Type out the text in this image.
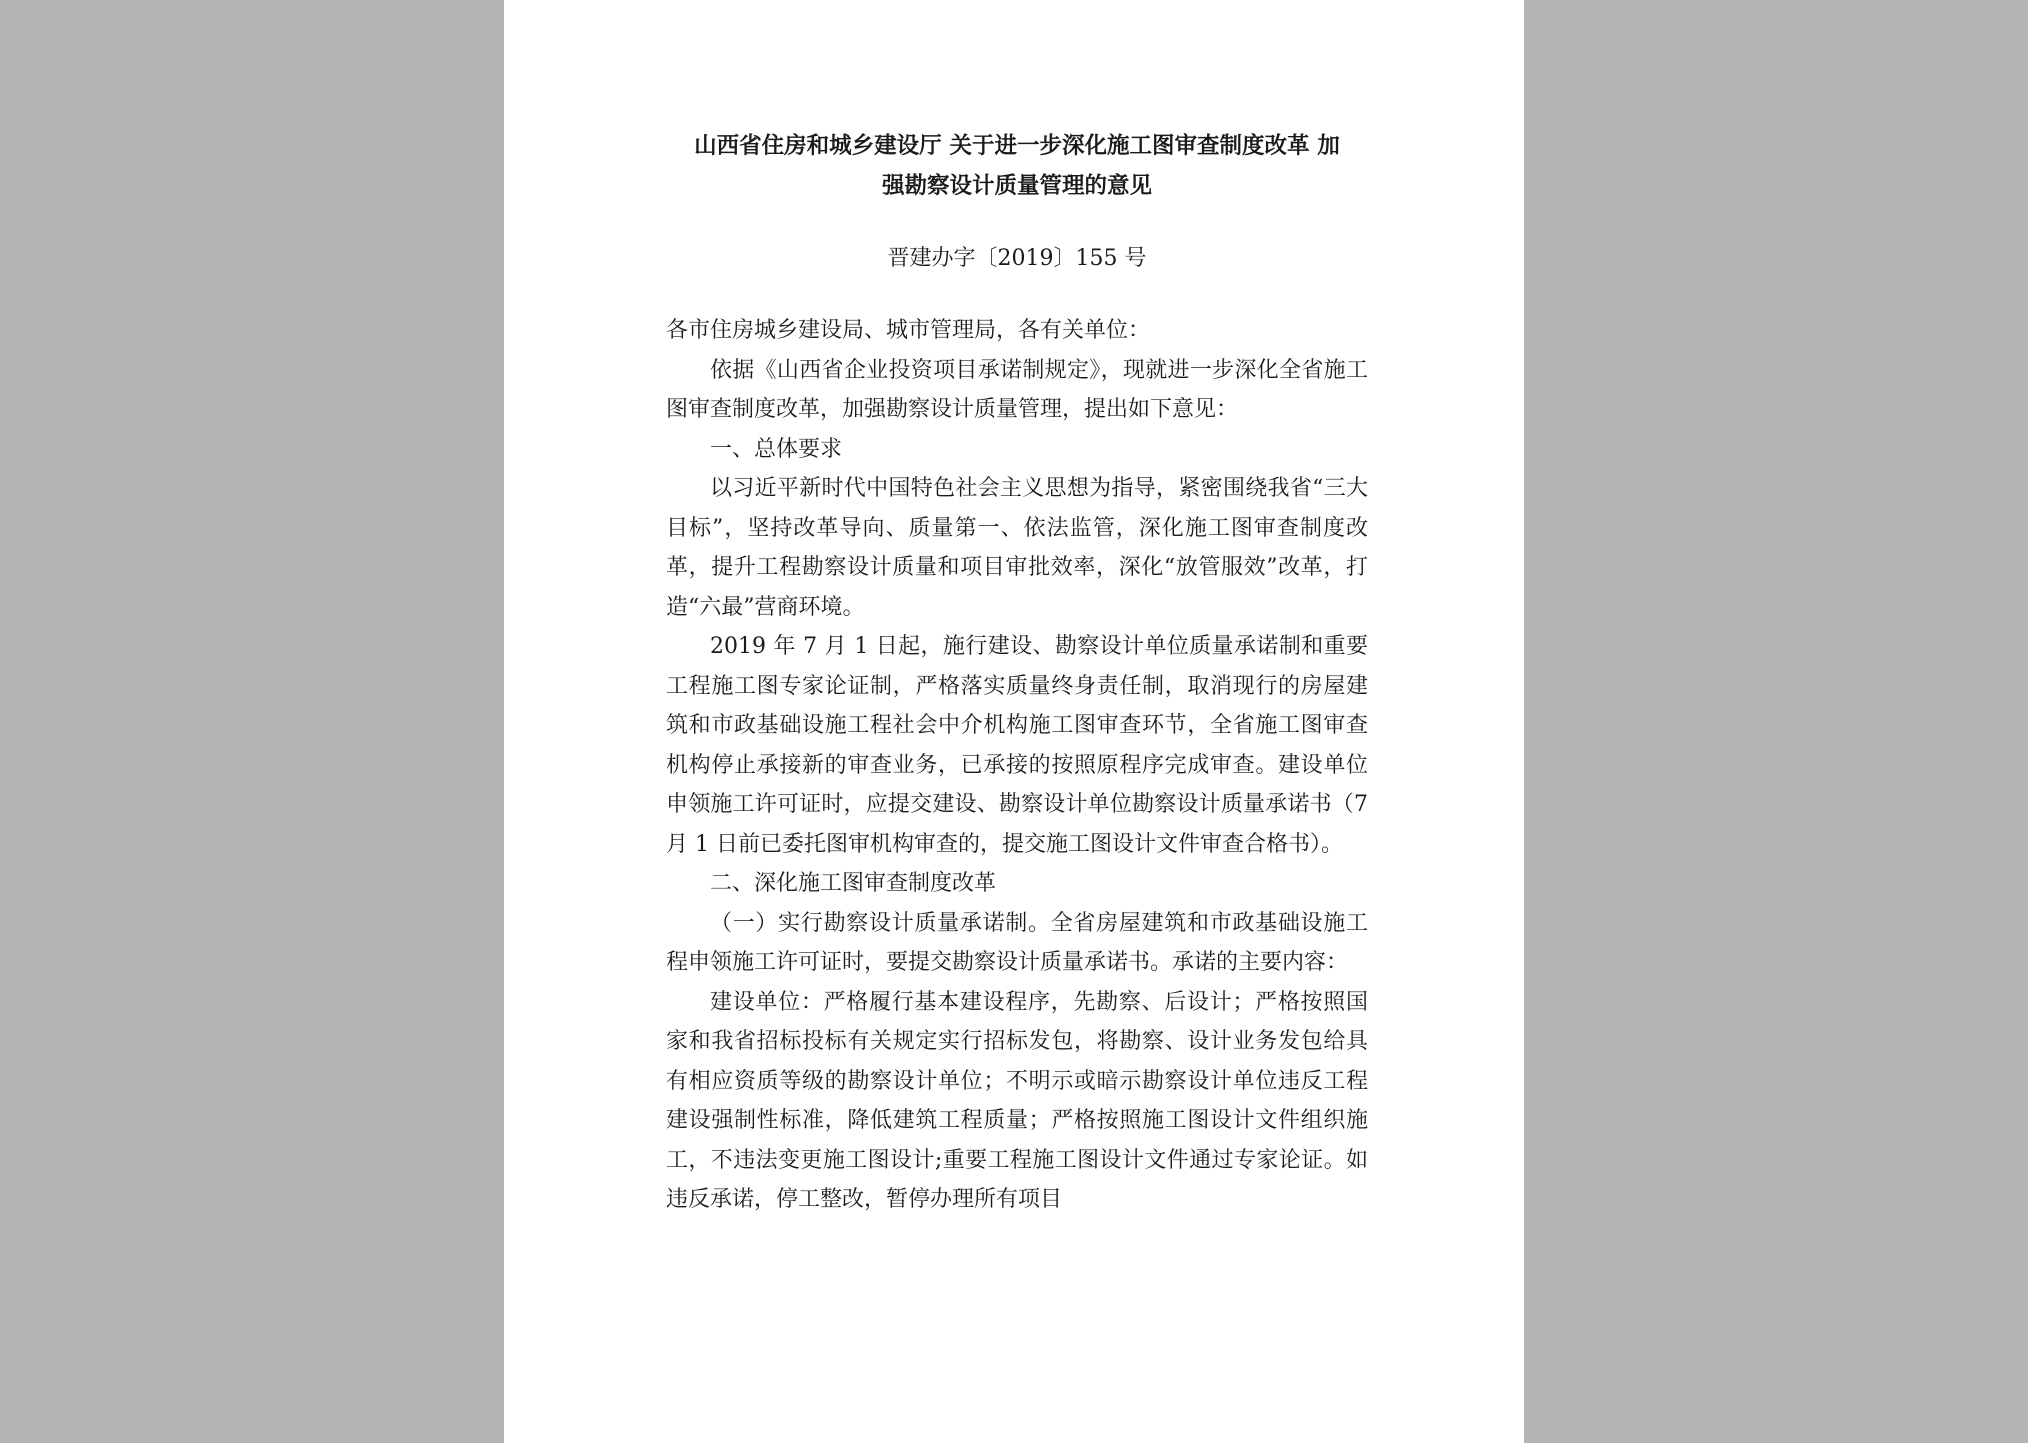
山西省住房和城乡建设厅 关于进一步深化施工图审查制度改革 加
强勘察设计质量管理的意见

晋建办字〔2019〕155 号

各市住房城乡建设局、城市管理局，各有关单位：

依据《山西省企业投资项目承诺制规定》，现就进一步深化全省施工图审查制度改革，加强勘察设计质量管理，提出如下意见：

一、总体要求

以习近平新时代中国特色社会主义思想为指导，紧密围绕我省“三大目标”，坚持改革导向、质量第一、依法监管，深化施工图审查制度改革，提升工程勘察设计质量和项目审批效率，深化“放管服效”改革，打造“六最”营商环境。

2019 年 7 月 1 日起，施行建设、勘察设计单位质量承诺制和重要工程施工图专家论证制，严格落实质量终身责任制，取消现行的房屋建筑和市政基础设施工程社会中介机构施工图审查环节，全省施工图审查机构停止承接新的审查业务，已承接的按照原程序完成审查。建设单位申领施工许可证时，应提交建设、勘察设计单位勘察设计质量承诺书（7 月 1 日前已委托图审机构审查的，提交施工图设计文件审查合格书）。

二、深化施工图审查制度改革

（一）实行勘察设计质量承诺制。全省房屋建筑和市政基础设施工程申领施工许可证时，要提交勘察设计质量承诺书。承诺的主要内容：

建设单位：严格履行基本建设程序，先勘察、后设计；严格按照国家和我省招标投标有关规定实行招标发包，将勘察、设计业务发包给具有相应资质等级的勘察设计单位；不明示或暗示勘察设计单位违反工程建设强制性标准，降低建筑工程质量；严格按照施工图设计文件组织施工，不违法变更施工图设计;重要工程施工图设计文件通过专家论证。如违反承诺，停工整改，暂停办理所有项目
